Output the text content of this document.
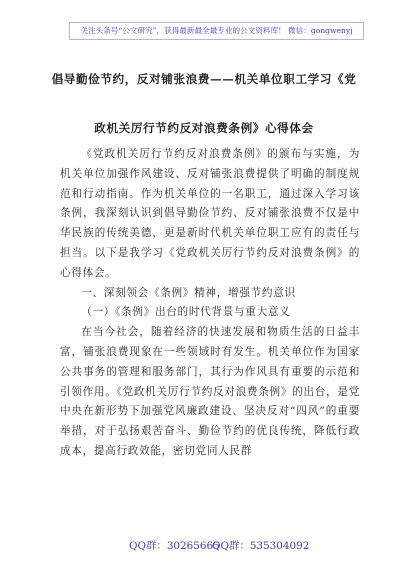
关注头条号“公文研究”，获得最新最全最专业的公文资料库！ 微信：gongwenyj
倡导勤俭节约，反对铺张浪费——机关单位职工学习《党
政机关厉行节约反对浪费条例》心得体会

《党政机关厉行节约反对浪费条例》的颁布与实施，为机关单位加强作风建设、反对铺张浪费提供了明确的制度规范和行动指南。作为机关单位的一名职工，通过深入学习该条例，我深刻认识到倡导勤俭节约、反对铺张浪费不仅是中华民族的传统美德，更是新时代机关单位职工应有的责任与担当。以下是我学习《党政机关厉行节约反对浪费条例》的心得体会。

一、深刻领会《条例》精神，增强节约意识

（一）《条例》出台的时代背景与重大意义

在当今社会，随着经济的快速发展和物质生活的日益丰富，铺张浪费现象在一些领域时有发生。机关单位作为国家公共事务的管理和服务部门，其行为作风具有重要的示范和引领作用。《党政机关厉行节约反对浪费条例》的出台，是党中央在新形势下加强党风廉政建设、坚决反对“四风”的重要举措，对于弘扬艰苦奋斗、勤俭节约的优良传统，降低行政成本，提高行政效能，密切党同人民群

QQ群：30265665
QQ群：535304092
